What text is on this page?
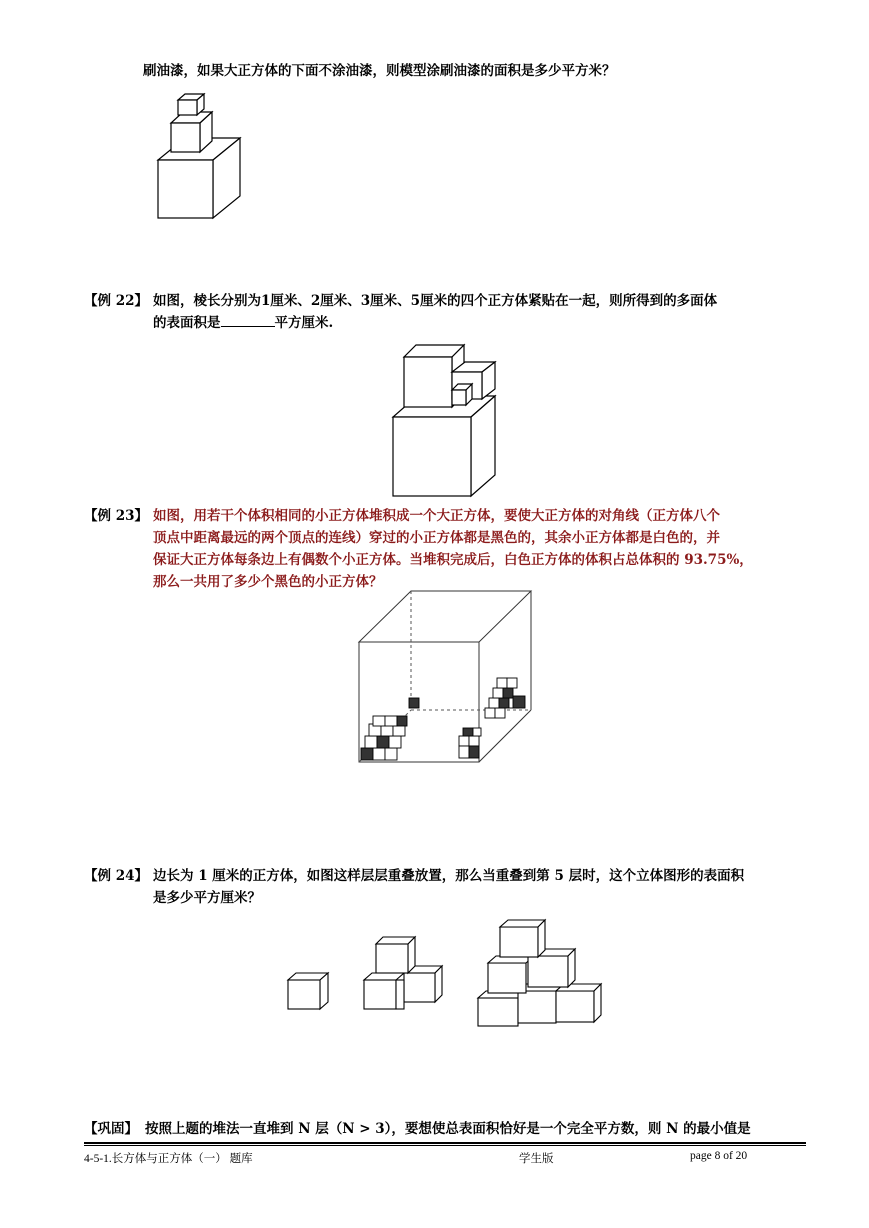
刷油漆，如果大正方体的下面不涂油漆，则模型涂刷油漆的面积是多少平方米？
【例 22】 如图，棱长分别为1厘米、2厘米、3厘米、5厘米的四个正方体紧贴在一起，则所得到的多面体
的表面积是	平方厘米.
【例 23】 如图，用若干个体积相同的小正方体堆积成一个大正方体，要使大正方体的对角线（正方体八个
顶点中距离最远的两个顶点的连线）穿过的小正方体都是黑色的，其余小正方体都是白色的，并
保证大正方体每条边上有偶数个小正方体。当堆积完成后，白色正方体的体积占总体积的 93.75%，
那么一共用了多少个黑色的小正方体？
【例 24】 边长为 1 厘米的正方体，如图这样层层重叠放置，那么当重叠到第 5 层时，这个立体图形的表面积
是多少平方厘米？
【巩固】 按照上题的堆法一直堆到 N 层（N > 3），要想使总表面积恰好是一个完全平方数，则 N 的最小值是
4-5-1.长方体与正方体（一） 题库	学生版	page 8 of 20
